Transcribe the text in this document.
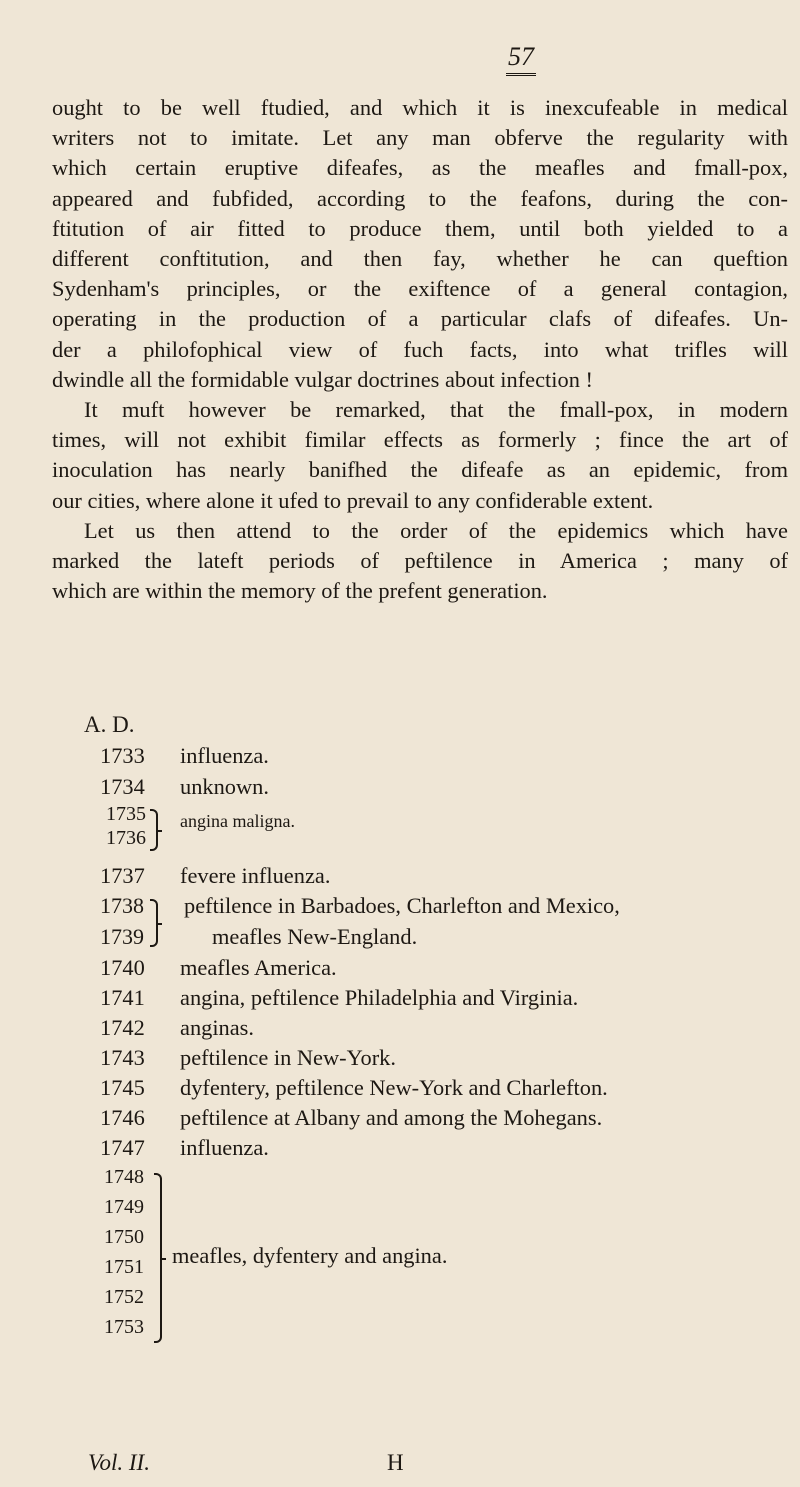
57
ought to be well ftudied, and which it is inexcufeable in medical
writers not to imitate. Let any man obferve the regularity with
which certain eruptive difeafes, as the meafles and fmall-pox,
appeared and fubfided, according to the feafons, during the con-
ftitution of air fitted to produce them, until both yielded to a
different conftitution, and then fay, whether he can queftion
Sydenham's principles, or the exiftence of a general contagion,
operating in the production of a particular clafs of difeafes. Un-
der a philofophical view of fuch facts, into what trifles will
dwindle all the formidable vulgar doctrines about infection !
It muft however be remarked, that the fmall-pox, in modern
times, will not exhibit fimilar effects as formerly ; fince the art of
inoculation has nearly banifhed the difeafe as an epidemic, from
our cities, where alone it ufed to prevail to any confiderable extent.
Let us then attend to the order of the epidemics which have
marked the lateft periods of peftilence in America ; many of
which are within the memory of the prefent generation.
A. D.
1733 influenza.
1734 unknown.
1735
1736
angina maligna.
1737 fevere influenza.
1738
1739
peftilence in Barbadoes, Charlefton and Mexico,
meafles New-England.
1740 meafles America.
1741 angina, peftilence Philadelphia and Virginia.
1742 anginas.
1743 peftilence in New-York.
1745 dyfentery, peftilence New-York and Charlefton.
1746 peftilence at Albany and among the Mohegans.
1747 influenza.
1748
1749
1750
1751
1752
1753
meafles, dyfentery and angina.
Vol. II.	H
